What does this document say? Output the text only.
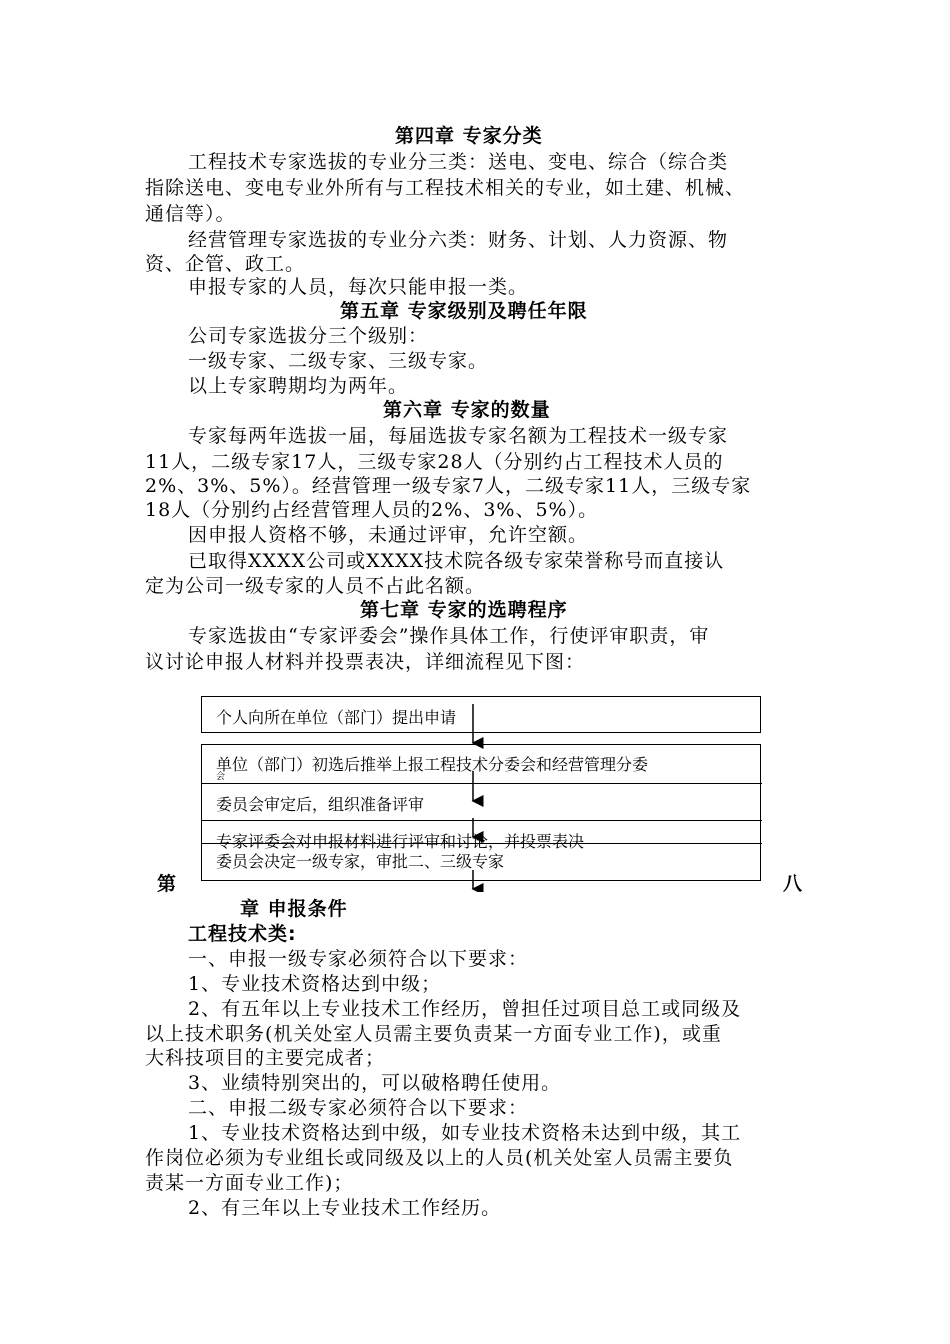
第四章 专家分类
工程技术专家选拔的专业分三类：送电、变电、综合（综合类
指除送电、变电专业外所有与工程技术相关的专业，如土建、机械、
通信等）。
经营管理专家选拔的专业分六类：财务、计划、人力资源、物
资、企管、政工。
申报专家的人员，每次只能申报一类。
第五章 专家级别及聘任年限
公司专家选拔分三个级别：
一级专家、二级专家、三级专家。
以上专家聘期均为两年。
第六章 专家的数量
专家每两年选拔一届，每届选拔专家名额为工程技术一级专家
11人，二级专家17人，三级专家28人（分别约占工程技术人员的
2%、3%、5%）。经营管理一级专家7人，二级专家11人，三级专家
18人（分别约占经营管理人员的2%、3%、5%）。
因申报人资格不够，未通过评审，允许空额。
已取得XXXX公司或XXXX技术院各级专家荣誉称号而直接认
定为公司一级专家的人员不占此名额。
第七章 专家的选聘程序
专家选拔由“专家评委会”操作具体工作，行使评审职责，审
议讨论申报人材料并投票表决，详细流程见下图：
个人向所在单位（部门）提出申请
单位（部门）初选后推举上报工程技术分委会和经营管理分委
会
委员会审定后，组织准备评审
专家评委会对申报材料进行评审和讨论，并投票表决
委员会决定一级专家，审批二、三级专家
第	八
章 申报条件
工程技术类:
一、申报一级专家必须符合以下要求：
1、专业技术资格达到中级；
2、有五年以上专业技术工作经历，曾担任过项目总工或同级及
以上技术职务(机关处室人员需主要负责某一方面专业工作)，或重
大科技项目的主要完成者；
3、业绩特别突出的，可以破格聘任使用。
二、申报二级专家必须符合以下要求：
1、专业技术资格达到中级，如专业技术资格未达到中级，其工
作岗位必须为专业组长或同级及以上的人员(机关处室人员需主要负
责某一方面专业工作)；
2、有三年以上专业技术工作经历。
